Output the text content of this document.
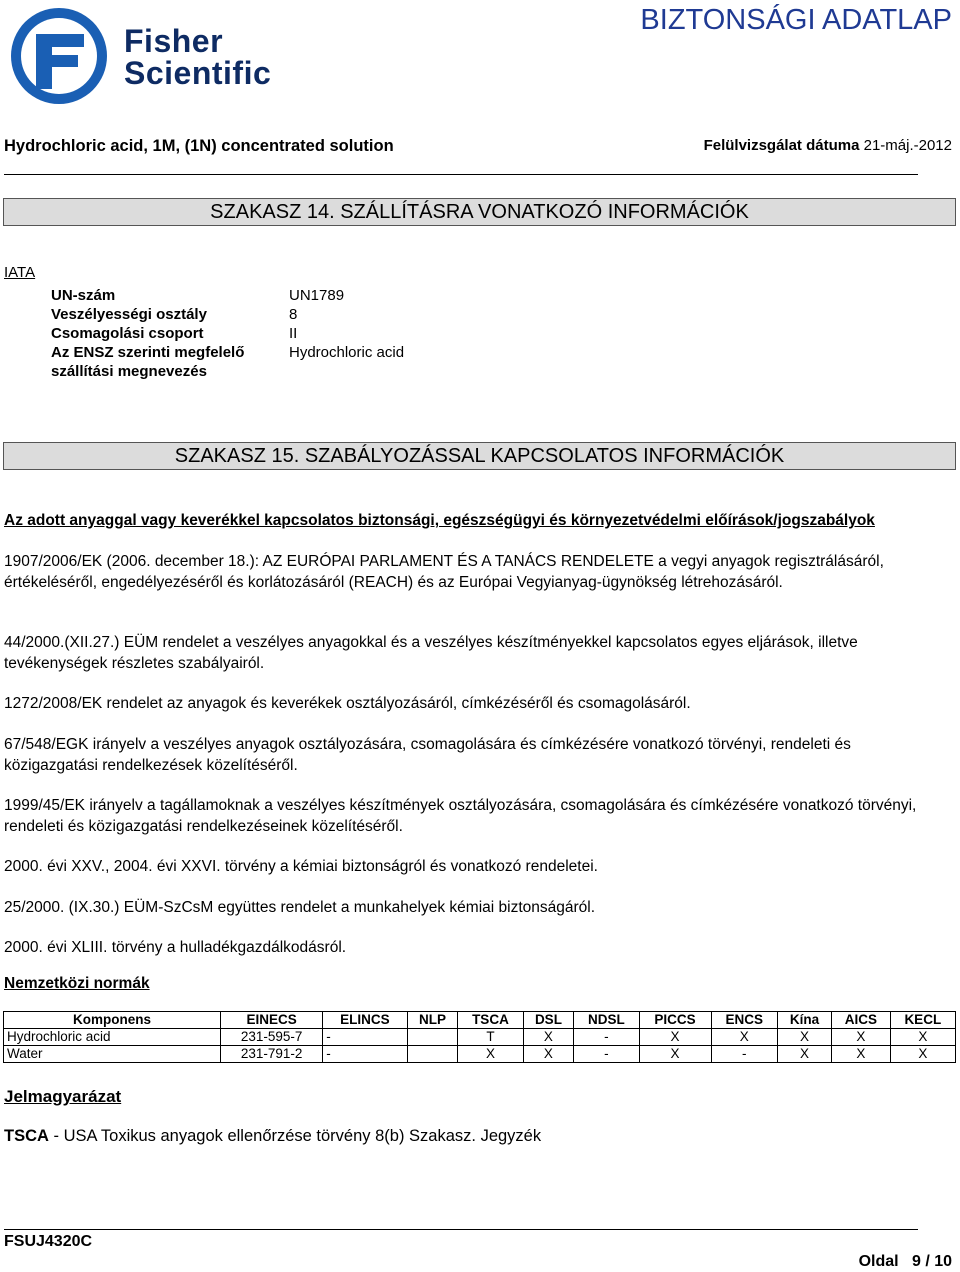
Fisher
Scientific
BIZTONSÁGI ADATLAP
Hydrochloric acid, 1M, (1N) concentrated solution	Felülvizsgálat dátuma 21-máj.-2012
SZAKASZ 14. SZÁLLÍTÁSRA VONATKOZÓ INFORMÁCIÓK
IATA
UN-szám	UN1789
Veszélyességi osztály	8
Csomagolási csoport	II
Az ENSZ szerinti megfelelő	Hydrochloric acid
szállítási megnevezés
SZAKASZ 15. SZABÁLYOZÁSSAL KAPCSOLATOS INFORMÁCIÓK
Az adott anyaggal vagy keverékkel kapcsolatos biztonsági, egészségügyi és környezetvédelmi előírások/jogszabályok
1907/2006/EK (2006. december 18.): AZ EURÓPAI PARLAMENT ÉS A TANÁCS RENDELETE a vegyi anyagok regisztrálásáról, értékeléséről, engedélyezéséről és korlátozásáról (REACH) és az Európai Vegyianyag-ügynökség létrehozásáról.
44/2000.(XII.27.) EÜM rendelet a veszélyes anyagokkal és a veszélyes készítményekkel kapcsolatos egyes eljárások, illetve tevékenységek részletes szabályairól.
1272/2008/EK rendelet az anyagok és keverékek osztályozásáról, címkézéséről és csomagolásáról.
67/548/EGK irányelv a veszélyes anyagok osztályozására, csomagolására és címkézésére vonatkozó törvényi, rendeleti és közigazgatási rendelkezések közelítéséről.
1999/45/EK irányelv a tagállamoknak a veszélyes készítmények osztályozására, csomagolására és címkézésére vonatkozó törvényi, rendeleti és közigazgatási rendelkezéseinek közelítéséről.
2000. évi XXV., 2004. évi XXVI. törvény a kémiai biztonságról és vonatkozó rendeletei.
25/2000. (IX.30.) EÜM-SzCsM együttes rendelet a munkahelyek kémiai biztonságáról.
2000. évi XLIII. törvény a hulladékgazdálkodásról.
Nemzetközi normák
Komponens	EINECS	ELINCS	NLP	TSCA	DSL	NDSL	PICCS	ENCS	Kína	AICS	KECL
Hydrochloric acid	231-595-7	-		T	X	-	X	X	X	X	X
Water	231-791-2	-		X	X	-	X	-	X	X	X
Jelmagyarázat
TSCA - USA Toxikus anyagok ellenőrzése törvény 8(b) Szakasz. Jegyzék
FSUJ4320C
Oldal 9 / 10
